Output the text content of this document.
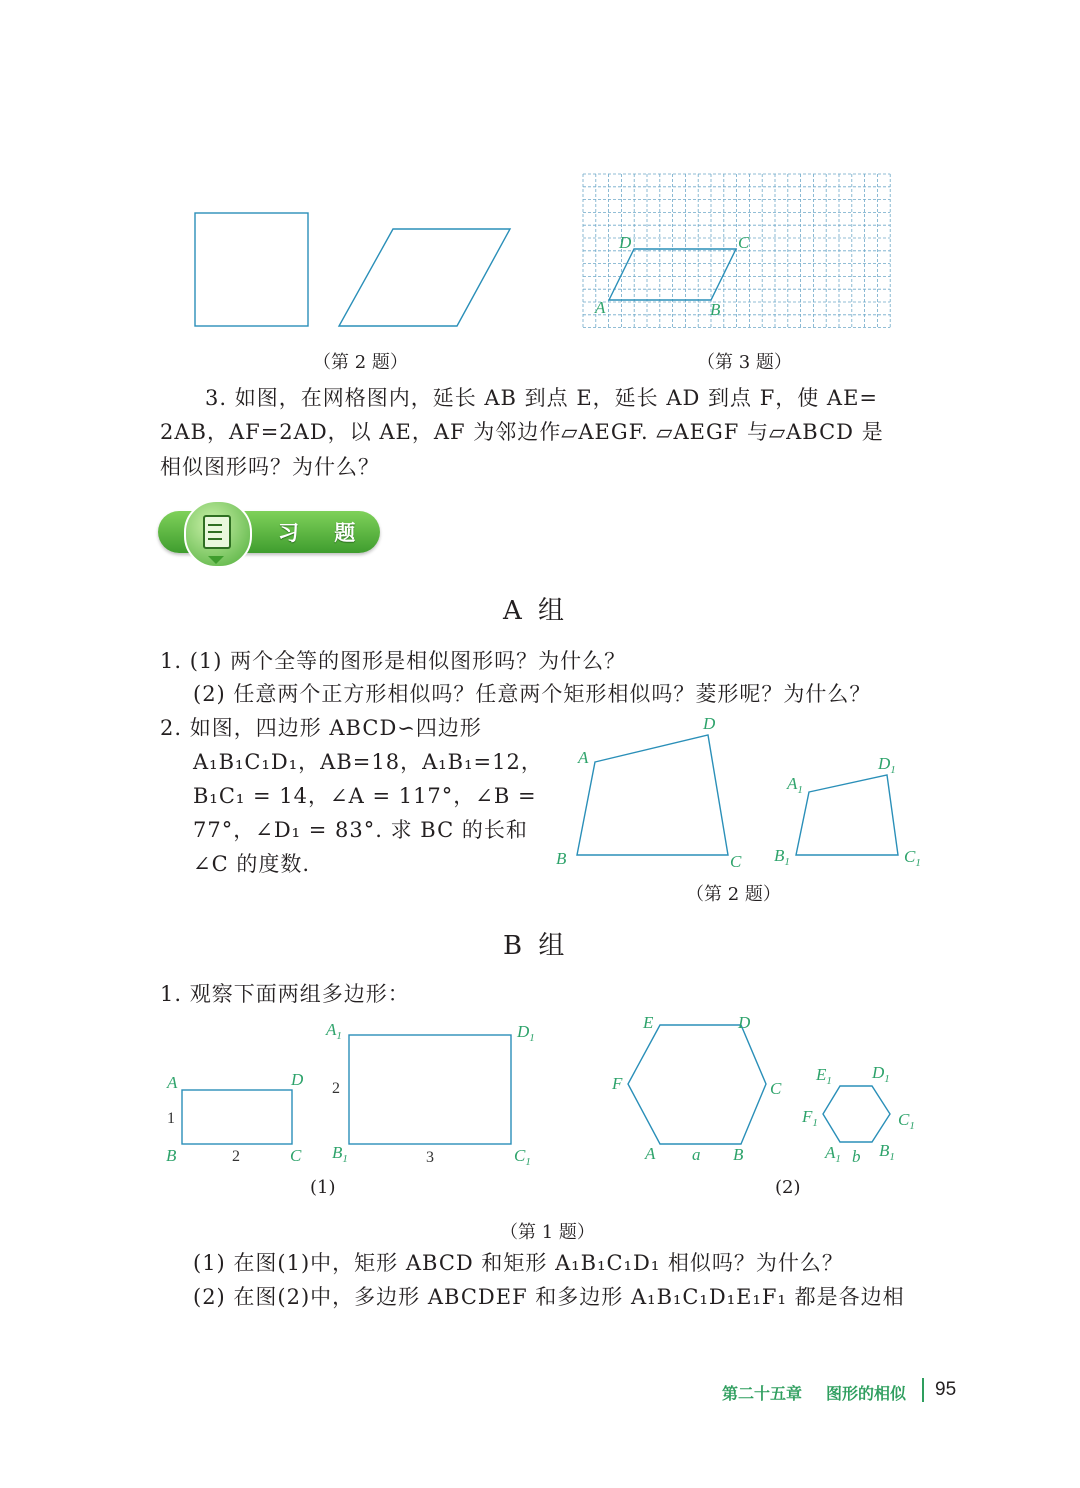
A	B
C
D
（第 2 题）	（第 3 题）
3. 如图，在网格图内，延长 AB 到点 E，延长 AD 到点 F，使 AE=
2AB，AF=2AD，以 AE，AF 为邻边作▱AEGF. ▱AEGF 与▱ABCD 是
相似图形吗？为什么？
习 题
A 组
1. (1) 两个全等的图形是相似图形吗？为什么？
(2) 任意两个正方形相似吗？任意两个矩形相似吗？菱形呢？为什么？
2. 如图，四边形 ABCD∽四边形
A₁B₁C₁D₁，AB=18，A₁B₁=12，
B₁C₁ = 14，∠A = 117°，∠B =
77°，∠D₁ = 83°. 求 BC 的长和
∠C 的度数.
A
D
B	C
$A_1$
$D_1$
$B_1$	$C_1$
（第 2 题）
B 组
1. 观察下面两组多边形：
A	D
B	C
1
2
$A_1$	$D_1$
$B_1$	$C_1$
2
3
E	D
F	C
A	B
a
$E_1$ $D_1$
$F_1$	$C_1$
$A_1$ b $B_1$
(1)	(2)
（第 1 题）
(1) 在图(1)中，矩形 ABCD 和矩形 A₁B₁C₁D₁ 相似吗？为什么？
(2) 在图(2)中，多边形 ABCDEF 和多边形 A₁B₁C₁D₁E₁F₁ 都是各边相
第二十五章 图形的相似 95
